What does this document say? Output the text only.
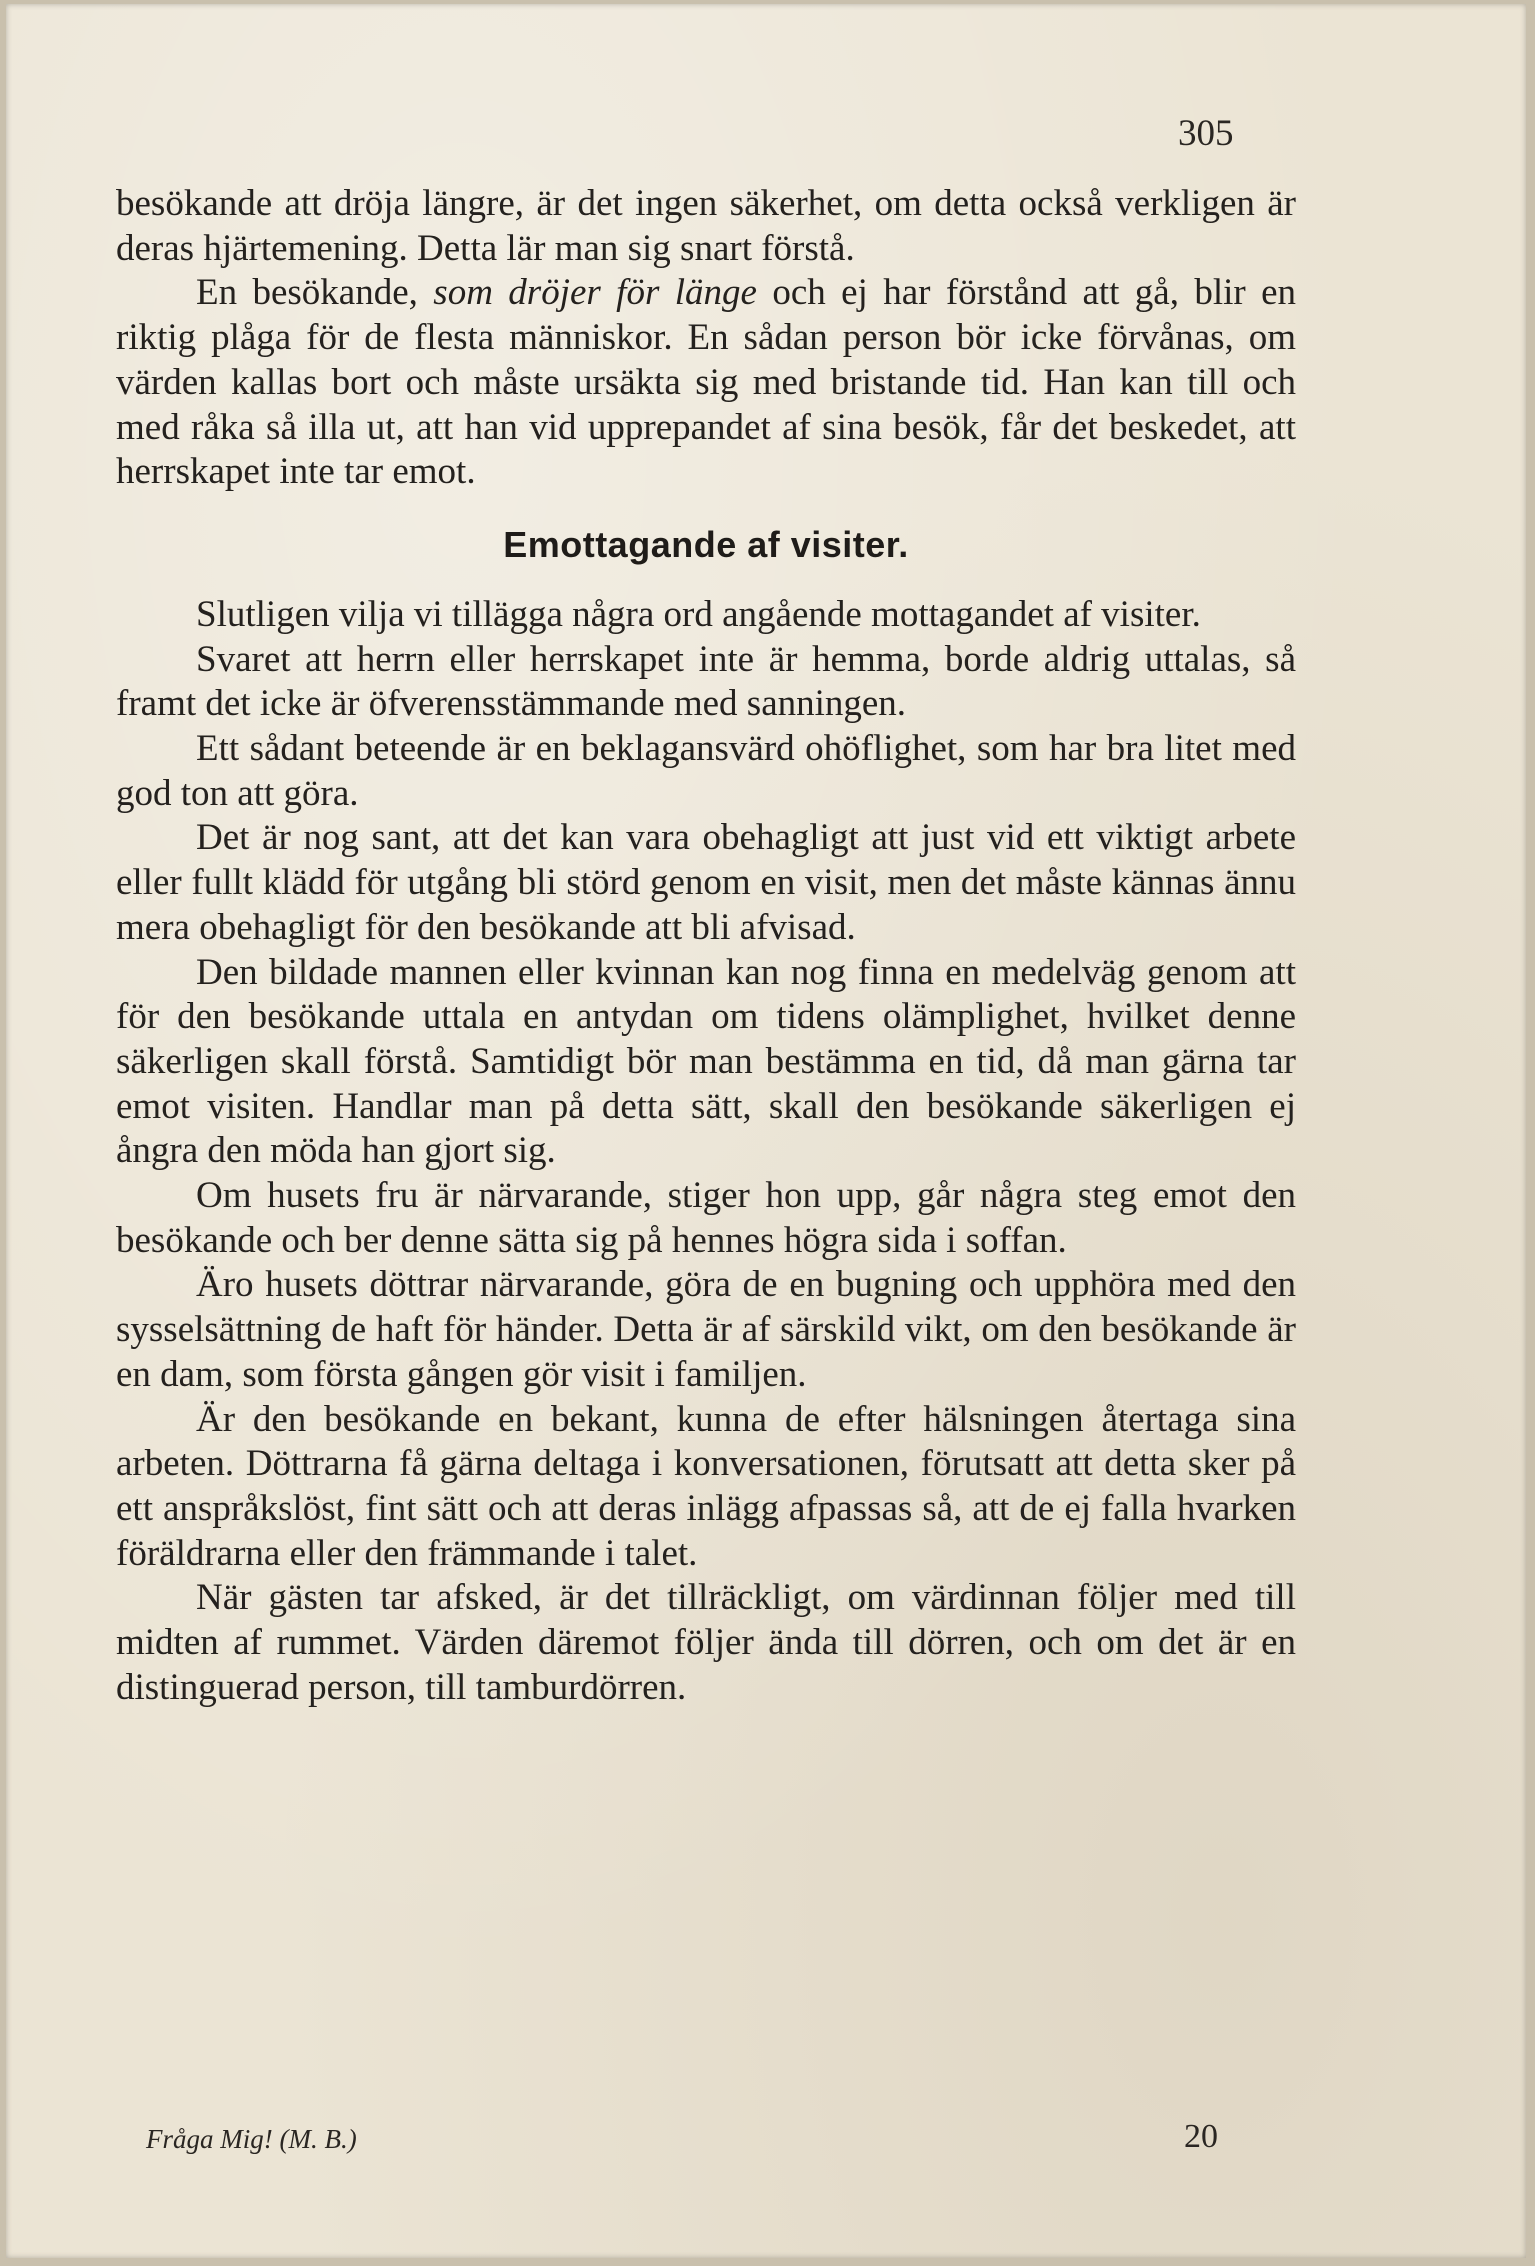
305

besökande att dröja längre, är det ingen säkerhet, om detta också verkligen är deras hjärtemening. Detta lär man sig snart förstå.

En besökande, som dröjer för länge och ej har förstånd att gå, blir en riktig plåga för de flesta människor. En sådan person bör icke förvånas, om värden kallas bort och måste ursäkta sig med bristande tid. Han kan till och med råka så illa ut, att han vid upprepandet af sina besök, får det beskedet, att herrskapet inte tar emot.

Emottagande af visiter.

Slutligen vilja vi tillägga några ord angående mottagandet af visiter.

Svaret att herrn eller herrskapet inte är hemma, borde aldrig uttalas, så framt det icke är öfverensstämmande med sanningen.

Ett sådant beteende är en beklagansvärd ohöflighet, som har bra litet med god ton att göra.

Det är nog sant, att det kan vara obehagligt att just vid ett viktigt arbete eller fullt klädd för utgång bli störd genom en visit, men det måste kännas ännu mera obehagligt för den besökande att bli afvisad.

Den bildade mannen eller kvinnan kan nog finna en medelväg genom att för den besökande uttala en antydan om tidens olämplighet, hvilket denne säkerligen skall förstå. Samtidigt bör man bestämma en tid, då man gärna tar emot visiten. Handlar man på detta sätt, skall den besökande säkerligen ej ångra den möda han gjort sig.

Om husets fru är närvarande, stiger hon upp, går några steg emot den besökande och ber denne sätta sig på hennes högra sida i soffan.

Äro husets döttrar närvarande, göra de en bugning och upphöra med den sysselsättning de haft för händer. Detta är af särskild vikt, om den besökande är en dam, som första gången gör visit i familjen.

Är den besökande en bekant, kunna de efter hälsningen återtaga sina arbeten. Döttrarna få gärna deltaga i konversationen, förutsatt att detta sker på ett anspråkslöst, fint sätt och att deras inlägg afpassas så, att de ej falla hvarken föräldrarna eller den främmande i talet.

När gästen tar afsked, är det tillräckligt, om värdinnan följer med till midten af rummet. Värden däremot följer ända till dörren, och om det är en distinguerad person, till tamburdörren.

Fråga Mig! (M. B.)	20
